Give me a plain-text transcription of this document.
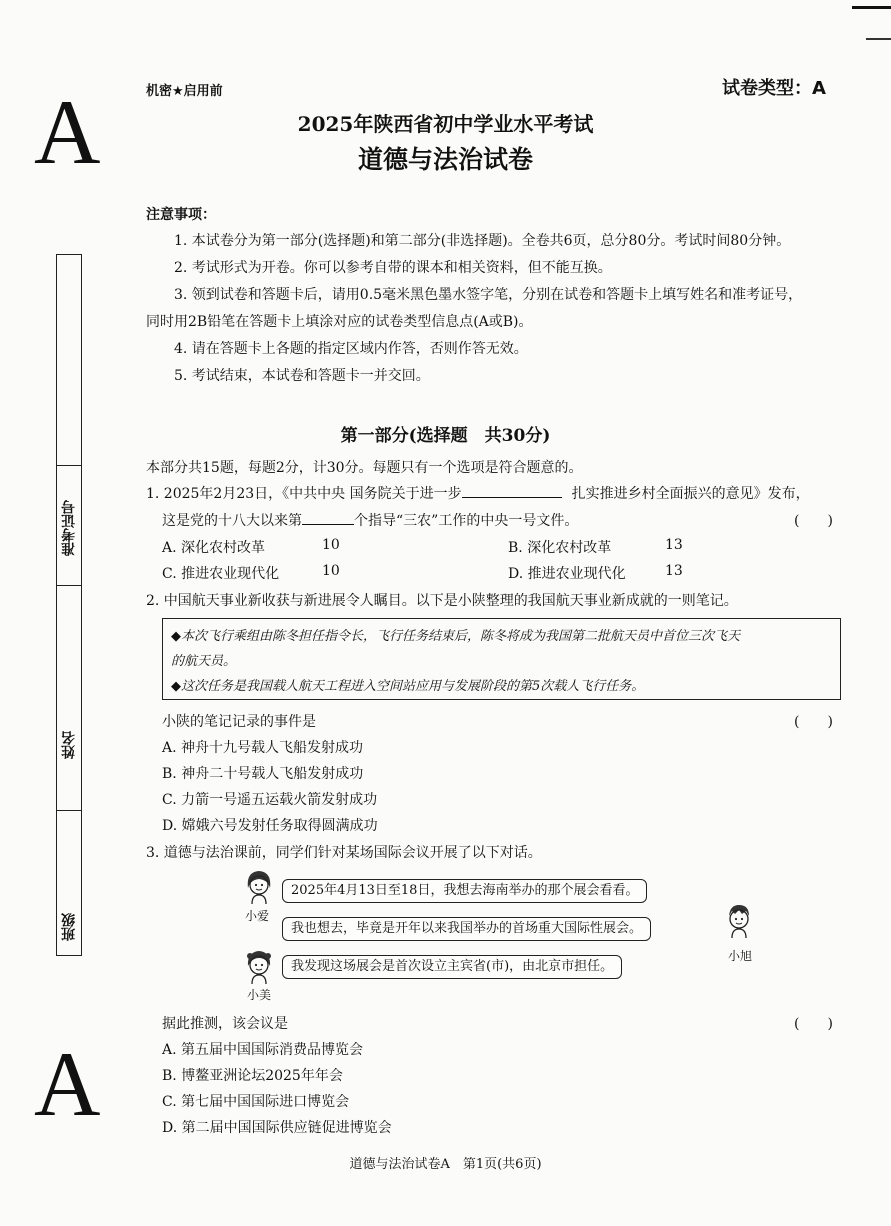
A
A
机密★启用前	试卷类型：A
2025年陕西省初中学业水平考试
道德与法治试卷
注意事项：
1. 本试卷分为第一部分(选择题)和第二部分(非选择题)。全卷共6页，总分80分。考试时间80分钟。
2. 考试形式为开卷。你可以参考自带的课本和相关资料，但不能互换。
3. 领到试卷和答题卡后，请用0.5毫米黑色墨水签字笔，分别在试卷和答题卡上填写姓名和准考证号，
同时用2B铅笔在答题卡上填涂对应的试卷类型信息点(A或B)。
4. 请在答题卡上各题的指定区域内作答，否则作答无效。
5. 考试结束，本试卷和答题卡一并交回。
准考证号
姓名
班级
第一部分(选择题　共30分)
本部分共15题，每题2分，计30分。每题只有一个选项是符合题意的。
1. 2025年2月23日，《中共中央 国务院关于进一步	扎实推进乡村全面振兴的意见》发布，
这是党的十八大以来第	个指导“三农”工作的中央一号文件。	(　　)
A. 深化农村改革	10	B. 深化农村改革	13
C. 推进农业现代化	10	D. 推进农业现代化	13
2. 中国航天事业新收获与新进展令人瞩目。以下是小陕整理的我国航天事业新成就的一则笔记。
◆本次飞行乘组由陈冬担任指令长，飞行任务结束后，陈冬将成为我国第二批航天员中首位三次飞天
的航天员。
◆这次任务是我国载人航天工程进入空间站应用与发展阶段的第5次载人飞行任务。
小陕的笔记记录的事件是	(　　)
A. 神舟十九号载人飞船发射成功
B. 神舟二十号载人飞船发射成功
C. 力箭一号遥五运载火箭发射成功
D. 嫦娥六号发射任务取得圆满成功
3. 道德与法治课前，同学们针对某场国际会议开展了以下对话。
小爱
小旭
小美
2025年4月13日至18日，我想去海南举办的那个展会看看。
我也想去，毕竟是开年以来我国举办的首场重大国际性展会。
我发现这场展会是首次设立主宾省(市)，由北京市担任。
据此推测，该会议是	(　　)
A. 第五届中国国际消费品博览会
B. 博鳌亚洲论坛2025年年会
C. 第七届中国国际进口博览会
D. 第二届中国国际供应链促进博览会
道德与法治试卷A　第1页(共6页)
